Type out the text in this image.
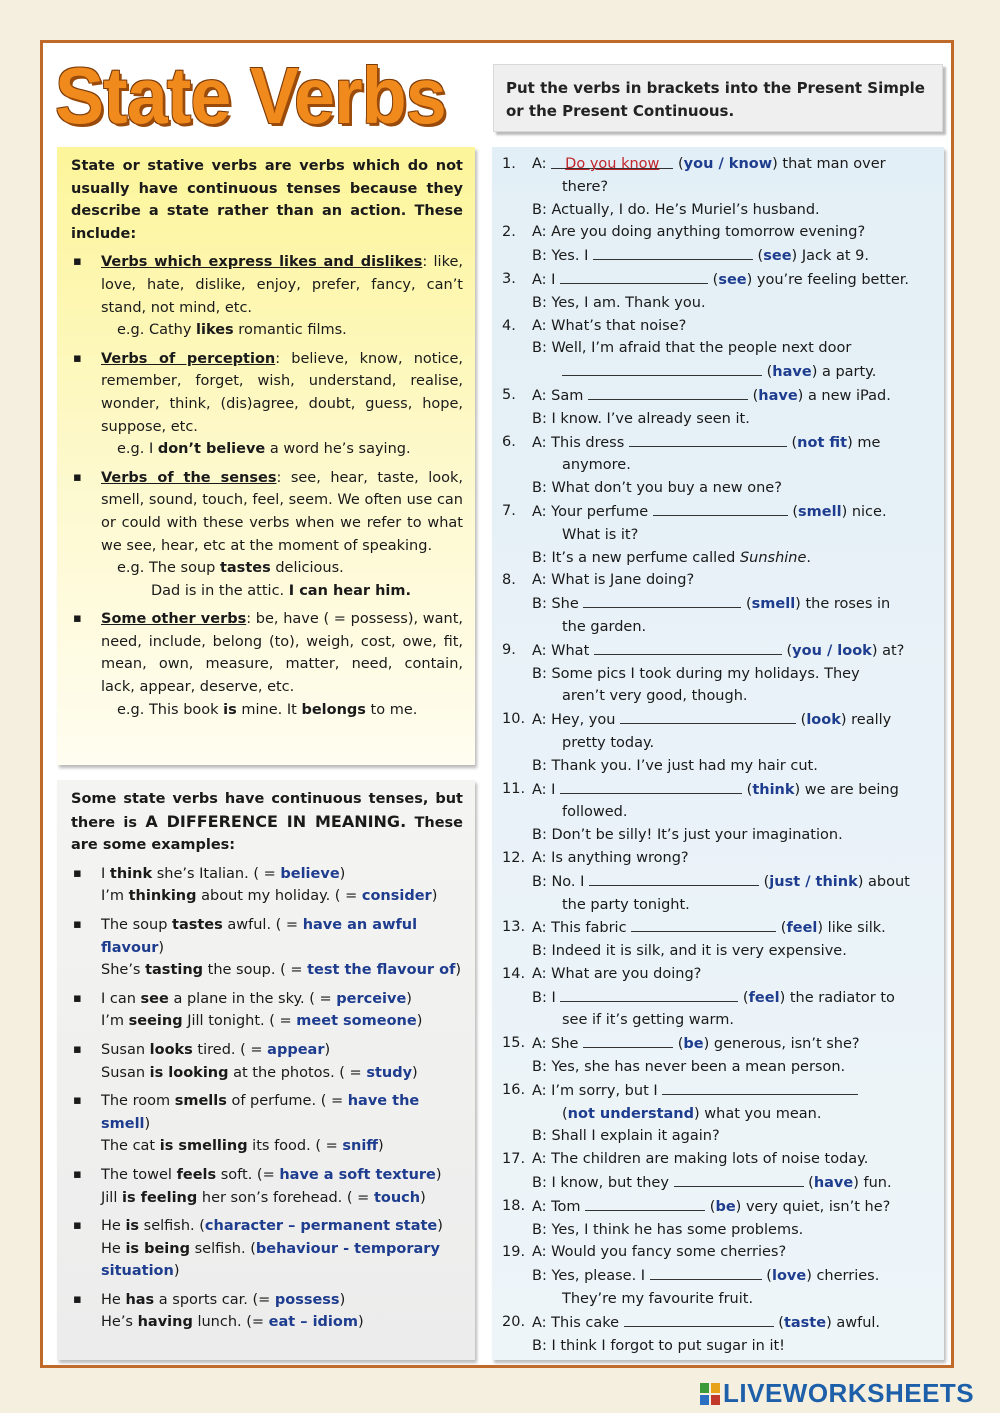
State Verbs	Put the verbs in brackets into the Present Simple or the Present Continuous.

State or stative verbs are verbs which do not usually have continuous tenses because they describe a state rather than an action. These include:

▪ Verbs which express likes and dislikes: like, love, hate, dislike, enjoy, prefer, fancy, can’t stand, not mind, etc.
e.g. Cathy likes romantic films.
▪ Verbs of perception: believe, know, notice, remember, forget, wish, understand, realise, wonder, think, (dis)agree, doubt, guess, hope, suppose, etc.
e.g. I don’t believe a word he’s saying.
▪ Verbs of the senses: see, hear, taste, look, smell, sound, touch, feel, seem. We often use can or could with these verbs when we refer to what we see, hear, etc at the moment of speaking.
e.g. The soup tastes delicious.
Dad is in the attic. I can hear him.
▪ Some other verbs: be, have ( = possess), want, need, include, belong (to), weigh, cost, owe, fit, mean, own, measure, matter, need, contain, lack, appear, deserve, etc.
e.g. This book is mine. It belongs to me.

Some state verbs have continuous tenses, but there is A DIFFERENCE IN MEANING. These are some examples:

▪ I think she’s Italian. ( = believe)
I’m thinking about my holiday. ( = consider)
▪ The soup tastes awful. ( = have an awful flavour)
She’s tasting the soup. ( = test the flavour of)
▪ I can see a plane in the sky. ( = perceive)
I’m seeing Jill tonight. ( = meet someone)
▪ Susan looks tired. ( = appear)
Susan is looking at the photos. ( = study)
▪ The room smells of perfume. ( = have the smell)
The cat is smelling its food. ( = sniff)
▪ The towel feels soft. (= have a soft texture)
Jill is feeling her son’s forehead. ( = touch)
▪ He is selfish. (character – permanent state)
He is being selfish. (behaviour - temporary situation)
▪ He has a sports car. (= possess)
He’s having lunch. (= eat – idiom)
1.	A: Do you know (you / know) that man over
there?
B: Actually, I do. He’s Muriel’s husband.
2.	A: Are you doing anything tomorrow evening?
B: Yes. I	(see) Jack at 9.
3.	A: I	(see) you’re feeling better.
B: Yes, I am. Thank you.
4.	A: What’s that noise?
B: Well, I’m afraid that the people next door
(have) a party.
5.	A: Sam	(have) a new iPad.
B: I know. I’ve already seen it.
6.	A: This dress	(not fit) me
anymore.
B: What don’t you buy a new one?
7.	A: Your perfume	(smell) nice.
What is it?
B: It’s a new perfume called Sunshine.
8.	A: What is Jane doing?
B: She	(smell) the roses in
the garden.
9.	A: What	(you / look) at?
B: Some pics I took during my holidays. They
aren’t very good, though.
10. A: Hey, you	(look) really
pretty today.
B: Thank you. I’ve just had my hair cut.
11. A: I	(think) we are being
followed.
B: Don’t be silly! It’s just your imagination.
12. A: Is anything wrong?
B: No. I	(just / think) about
the party tonight.
13. A: This fabric	(feel) like silk.
B: Indeed it is silk, and it is very expensive.
14. A: What are you doing?
B: I	(feel) the radiator to
see if it’s getting warm.
15. A: She	(be) generous, isn’t she?
B: Yes, she has never been a mean person.
16. A: I’m sorry, but I
(not understand) what you mean.
B: Shall I explain it again?
17. A: The children are making lots of noise today.
B: I know, but they	(have) fun.
18. A: Tom	(be) very quiet, isn’t he?
B: Yes, I think he has some problems.
19. A: Would you fancy some cherries?
B: Yes, please. I	(love) cherries.
They’re my favourite fruit.
20. A: This cake	(taste) awful.
B: I think I forgot to put sugar in it!
LIVEWORKSHEETS
